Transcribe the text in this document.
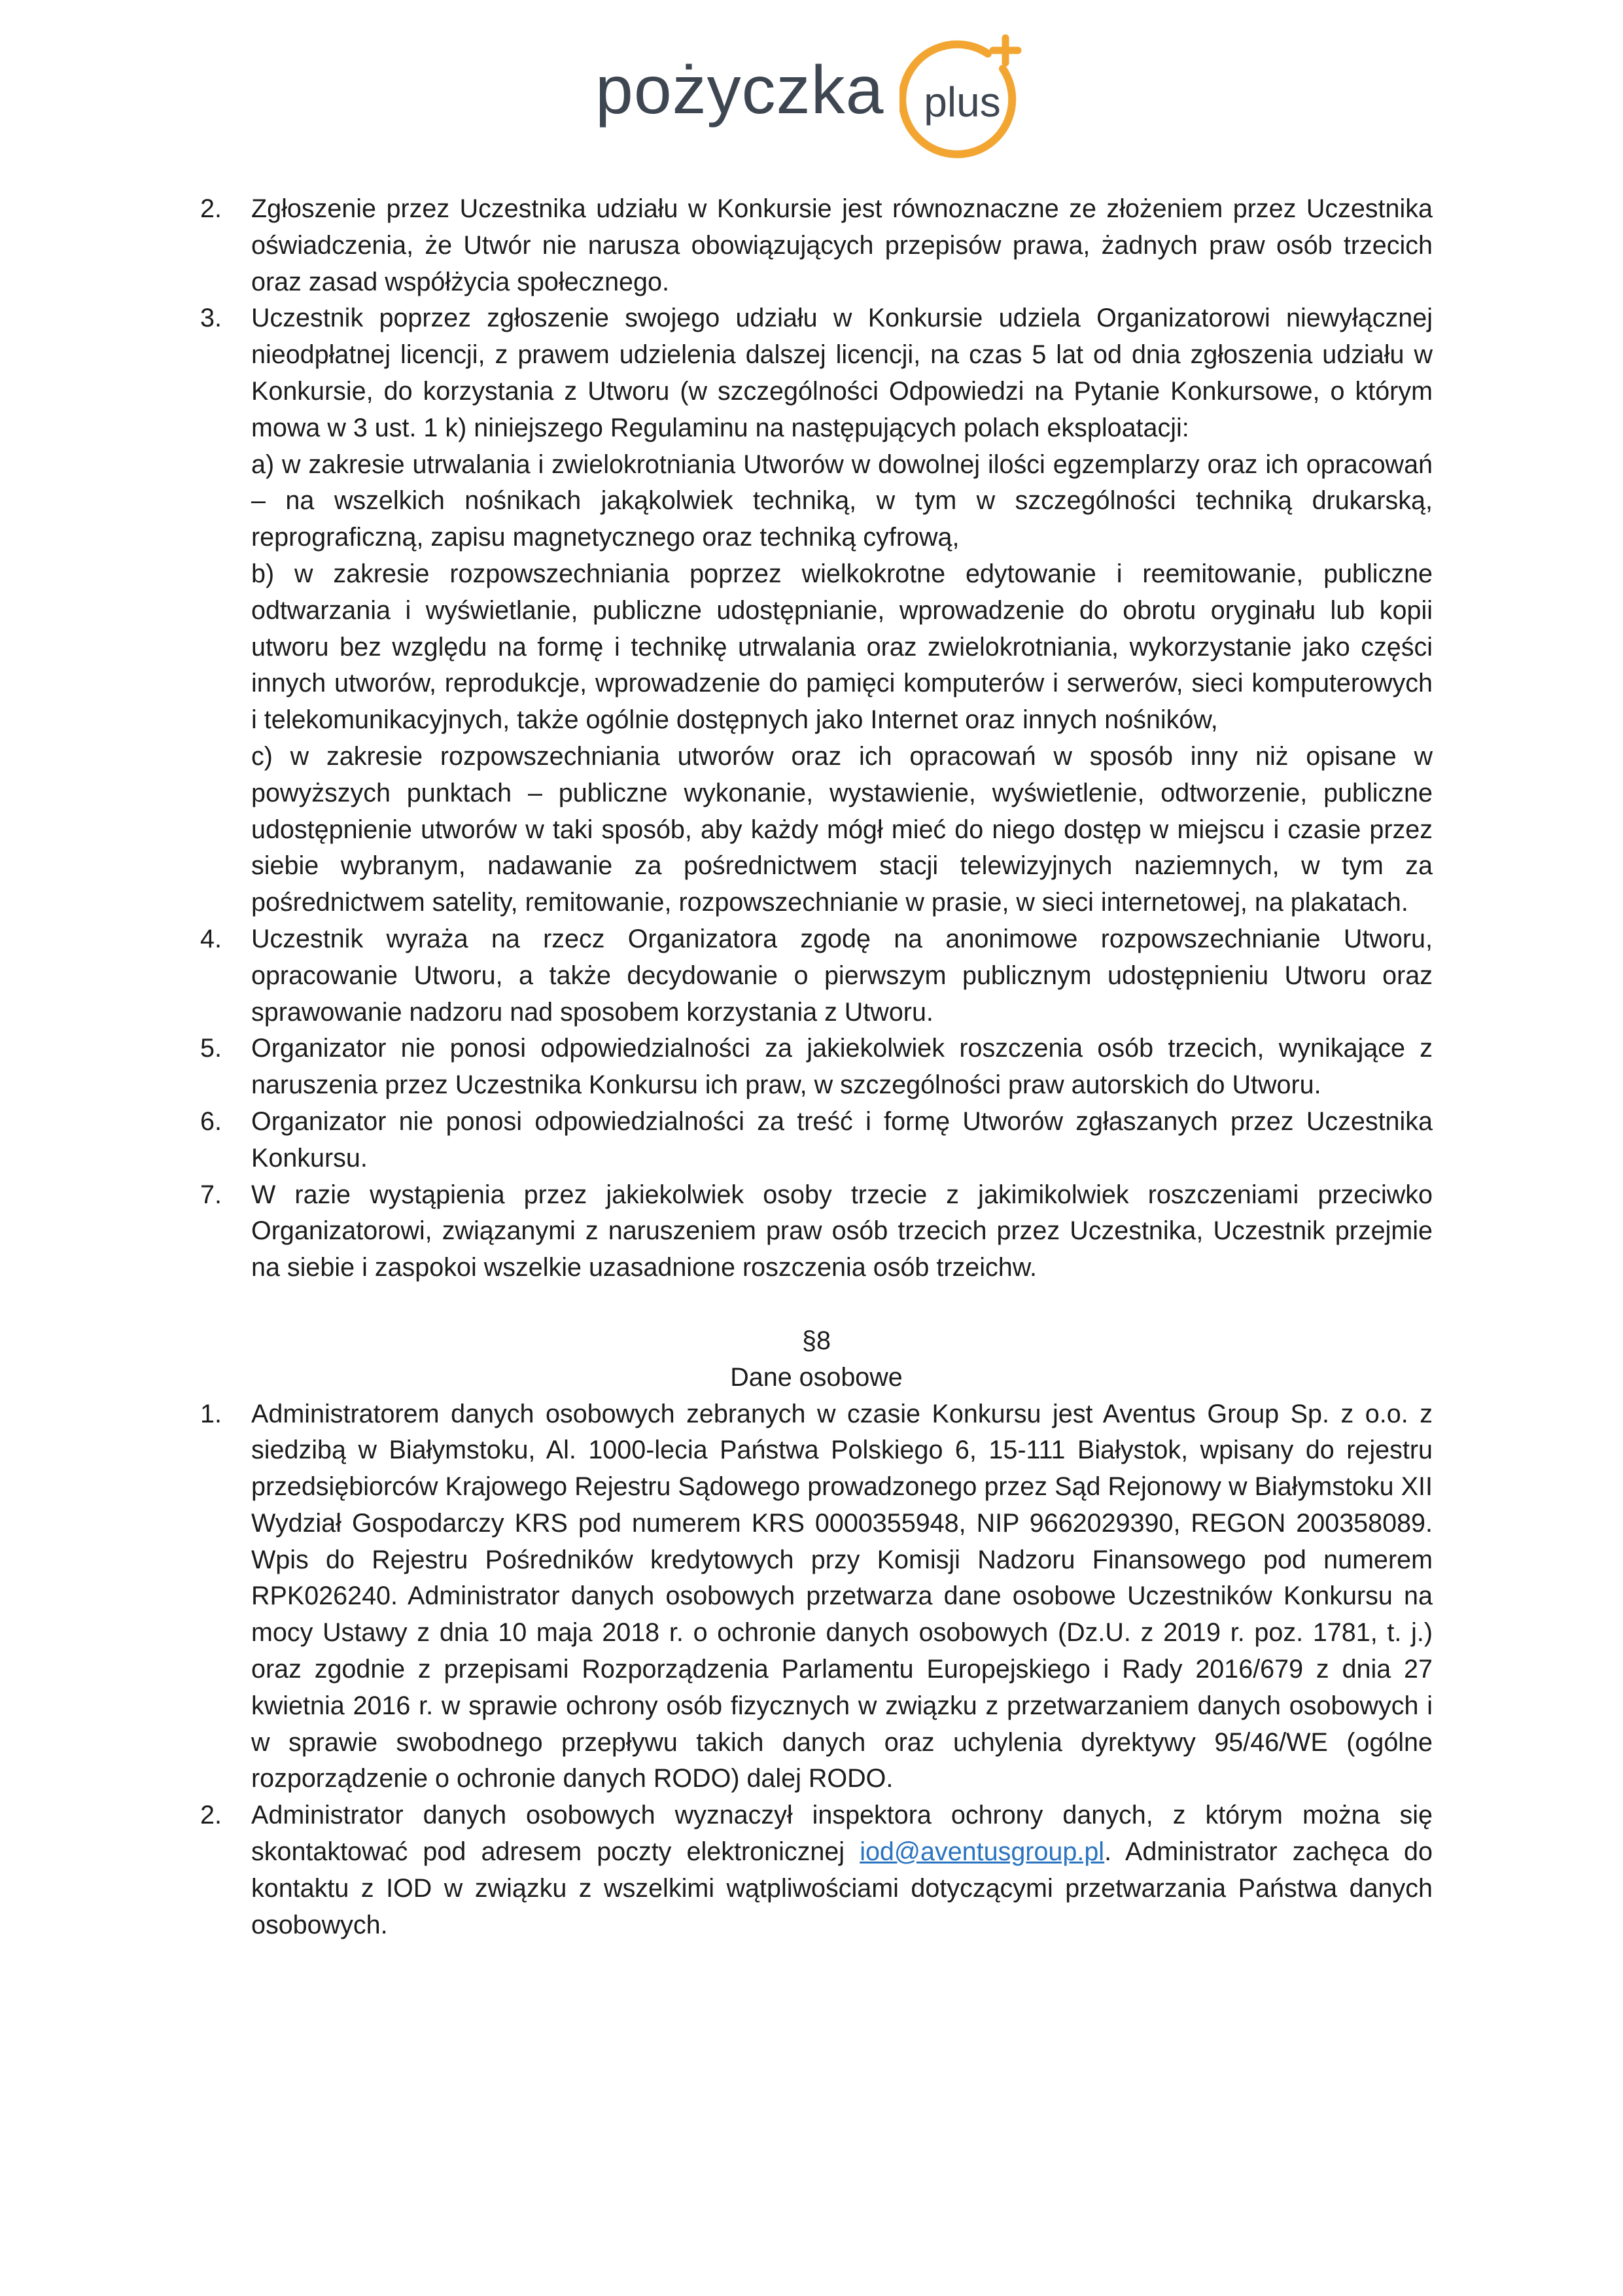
pożyczka plus
2. Zgłoszenie przez Uczestnika udziału w Konkursie jest równoznaczne ze złożeniem przez Uczestnika oświadczenia, że Utwór nie narusza obowiązujących przepisów prawa, żadnych praw osób trzecich oraz zasad współżycia społecznego.
3. Uczestnik poprzez zgłoszenie swojego udziału w Konkursie udziela Organizatorowi niewyłącznej nieodpłatnej licencji, z prawem udzielenia dalszej licencji, na czas 5 lat od dnia zgłoszenia udziału w Konkursie, do korzystania z Utworu (w szczególności Odpowiedzi na Pytanie Konkursowe, o którym mowa w 3 ust. 1 k) niniejszego Regulaminu na następujących polach eksploatacji:
a) w zakresie utrwalania i zwielokrotniania Utworów w dowolnej ilości egzemplarzy oraz ich opracowań – na wszelkich nośnikach jakąkolwiek techniką, w tym w szczególności techniką drukarską, reprograficzną, zapisu magnetycznego oraz techniką cyfrową,
b) w zakresie rozpowszechniania poprzez wielkokrotne edytowanie i reemitowanie, publiczne odtwarzania i wyświetlanie, publiczne udostępnianie, wprowadzenie do obrotu oryginału lub kopii utworu bez względu na formę i technikę utrwalania oraz zwielokrotniania, wykorzystanie jako części innych utworów, reprodukcje, wprowadzenie do pamięci komputerów i serwerów, sieci komputerowych i telekomunikacyjnych, także ogólnie dostępnych jako Internet oraz innych nośników,
c) w zakresie rozpowszechniania utworów oraz ich opracowań w sposób inny niż opisane w powyższych punktach – publiczne wykonanie, wystawienie, wyświetlenie, odtworzenie, publiczne udostępnienie utworów w taki sposób, aby każdy mógł mieć do niego dostęp w miejscu i czasie przez siebie wybranym, nadawanie za pośrednictwem stacji telewizyjnych naziemnych, w tym za pośrednictwem satelity, remitowanie, rozpowszechnianie w prasie, w sieci internetowej, na plakatach.
4. Uczestnik wyraża na rzecz Organizatora zgodę na anonimowe rozpowszechnianie Utworu, opracowanie Utworu, a także decydowanie o pierwszym publicznym udostępnieniu Utworu oraz sprawowanie nadzoru nad sposobem korzystania z Utworu.
5. Organizator nie ponosi odpowiedzialności za jakiekolwiek roszczenia osób trzecich, wynikające z naruszenia przez Uczestnika Konkursu ich praw, w szczególności praw autorskich do Utworu.
6. Organizator nie ponosi odpowiedzialności za treść i formę Utworów zgłaszanych przez Uczestnika Konkursu.
7. W razie wystąpienia przez jakiekolwiek osoby trzecie z jakimikolwiek roszczeniami przeciwko Organizatorowi, związanymi z naruszeniem praw osób trzecich przez Uczestnika, Uczestnik przejmie na siebie i zaspokoi wszelkie uzasadnione roszczenia osób trzeichw.
§8
Dane osobowe
1. Administratorem danych osobowych zebranych w czasie Konkursu jest Aventus Group Sp. z o.o. z siedzibą w Białymstoku, Al. 1000-lecia Państwa Polskiego 6, 15-111 Białystok, wpisany do rejestru przedsiębiorców Krajowego Rejestru Sądowego prowadzonego przez Sąd Rejonowy w Białymstoku XII Wydział Gospodarczy KRS pod numerem KRS 0000355948, NIP 9662029390, REGON 200358089. Wpis do Rejestru Pośredników kredytowych przy Komisji Nadzoru Finansowego pod numerem RPK026240. Administrator danych osobowych przetwarza dane osobowe Uczestników Konkursu na mocy Ustawy z dnia 10 maja 2018 r. o ochronie danych osobowych (Dz.U. z 2019 r. poz. 1781, t. j.) oraz zgodnie z przepisami Rozporządzenia Parlamentu Europejskiego i Rady 2016/679 z dnia 27 kwietnia 2016 r. w sprawie ochrony osób fizycznych w związku z przetwarzaniem danych osobowych i w sprawie swobodnego przepływu takich danych oraz uchylenia dyrektywy 95/46/WE (ogólne rozporządzenie o ochronie danych RODO) dalej RODO.
2. Administrator danych osobowych wyznaczył inspektora ochrony danych, z którym można się skontaktować pod adresem poczty elektronicznej iod@aventusgroup.pl. Administrator zachęca do kontaktu z IOD w związku z wszelkimi wątpliwościami dotyczącymi przetwarzania Państwa danych osobowych.
